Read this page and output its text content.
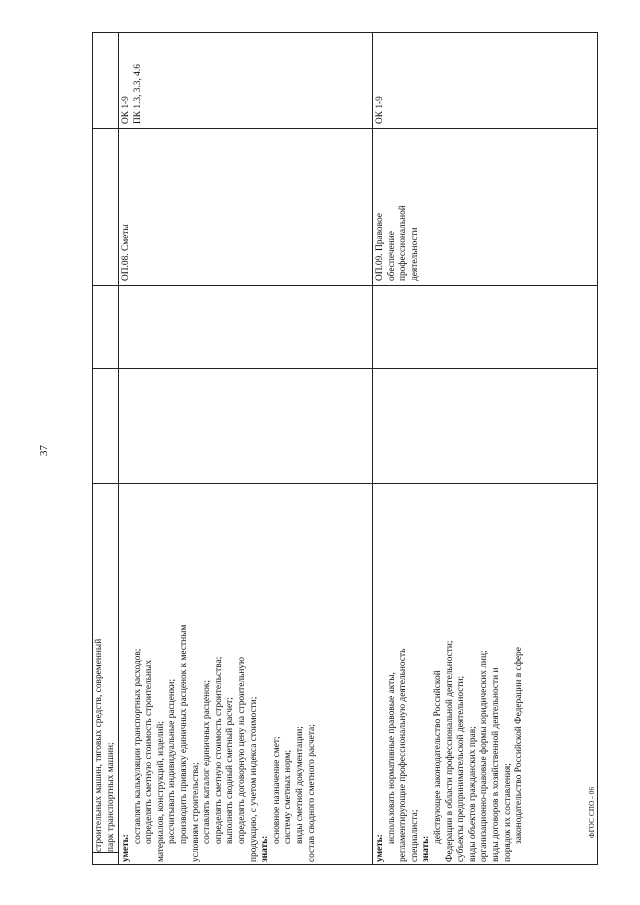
37
ФГОС СПО - 06
строительных машин, тяговых средств, современный парк транспортных машин; уметь:
составлять калькуляции транспортных расходов; определять сметную стоимость строительных материалов, конструкций, изделий; рассчитывать индивидуальные расценки; производить привязку единичных расценок к местным условиям строительства; составлять каталог единичных расценок; определять сметную стоимость строительства; выполнять сводный сметный расчет; определять договорную цену на строительную продукцию, с учетом индекса стоимости; знать:
основное назначение смет; систему сметных норм; виды сметной документации; состав сводного сметного расчета;
ОП.08. Сметы
ОК 1-9 ПК 1.3, 3.3, 4.6
уметь:
использовать нормативные правовые акты, регламентирующие профессиональную деятельность специалиста; знать:
действующее законодательство Российской Федерации в области профессиональной деятельности; субъекты предпринимательской деятельности; виды объектов гражданских прав; организационно-правовые формы юридических лиц; виды договоров в хозяйственной деятельности и порядок их составления; законодательство Российской Федерации в сфере
ОП.09. Правовое обеспечение профессиональной деятельности
ОК 1-9
